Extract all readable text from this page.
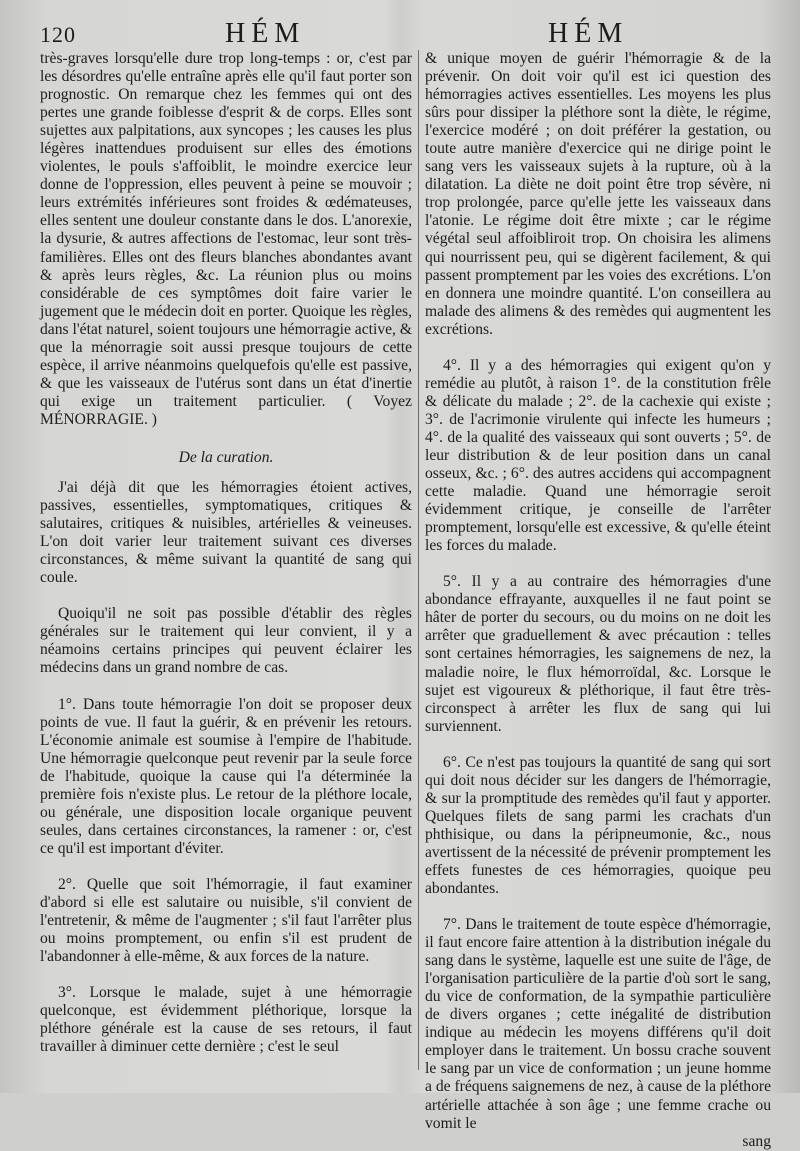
120	HÉM	HÉM

très-graves lorsqu'elle dure trop long-temps : or, c'est par les désordres qu'elle entraîne après elle qu'il faut porter son prognostic. On remarque chez les femmes qui ont des pertes une grande foiblesse d'esprit & de corps. Elles sont sujettes aux palpitations, aux syncopes ; les causes les plus légères inattendues produisent sur elles des émotions violentes, le pouls s'affoiblit, le moindre exercice leur donne de l'oppression, elles peuvent à peine se mouvoir ; leurs extrémités inférieures sont froides & œdémateuses, elles sentent une douleur constante dans le dos. L'anorexie, la dysurie, & autres affections de l'estomac, leur sont très-familières. Elles ont des fleurs blanches abondantes avant & après leurs règles, &c. La réunion plus ou moins considérable de ces symptômes doit faire varier le jugement que le médecin doit en porter. Quoique les règles, dans l'état naturel, soient toujours une hémorragie active, & que la ménorragie soit aussi presque toujours de cette espèce, il arrive néanmoins quelquefois qu'elle est passive, & que les vaisseaux de l'utérus sont dans un état d'inertie qui exige un traitement particulier. ( Voyez MÉNORRAGIE. )

De la curation.

J'ai déjà dit que les hémorragies étoient actives, passives, essentielles, symptomatiques, critiques & salutaires, critiques & nuisibles, artérielles & veineuses. L'on doit varier leur traitement suivant ces diverses circonstances, & même suivant la quantité de sang qui coule.

Quoiqu'il ne soit pas possible d'établir des règles générales sur le traitement qui leur convient, il y a néamoins certains principes qui peuvent éclairer les médecins dans un grand nombre de cas.

1°. Dans toute hémorragie l'on doit se proposer deux points de vue. Il faut la guérir, & en prévenir les retours. L'économie animale est soumise à l'empire de l'habitude. Une hémorragie quelconque peut revenir par la seule force de l'habitude, quoique la cause qui l'a déterminée la première fois n'existe plus. Le retour de la pléthore locale, ou générale, une disposition locale organique peuvent seules, dans certaines circonstances, la ramener : or, c'est ce qu'il est important d'éviter.

2°. Quelle que soit l'hémorragie, il faut examiner d'abord si elle est salutaire ou nuisible, s'il convient de l'entretenir, & même de l'augmenter ; s'il faut l'arrêter plus ou moins promptement, ou enfin s'il est prudent de l'abandonner à elle-même, & aux forces de la nature.

3°. Lorsque le malade, sujet à une hémorragie quelconque, est évidemment pléthorique, lorsque la pléthore générale est la cause de ses retours, il faut travailler à diminuer cette dernière ; c'est le seul

& unique moyen de guérir l'hémorragie & de la prévenir. On doit voir qu'il est ici question des hémorragies actives essentielles. Les moyens les plus sûrs pour dissiper la pléthore sont la diète, le régime, l'exercice modéré ; on doit préférer la gestation, ou toute autre manière d'exercice qui ne dirige point le sang vers les vaisseaux sujets à la rupture, où à la dilatation. La diète ne doit point être trop sévère, ni trop prolongée, parce qu'elle jette les vaisseaux dans l'atonie. Le régime doit être mixte ; car le régime végétal seul affoibliroit trop. On choisira les alimens qui nourrissent peu, qui se digèrent facilement, & qui passent promptement par les voies des excrétions. L'on en donnera une moindre quantité. L'on conseillera au malade des alimens & des remèdes qui augmentent les excrétions.

4°. Il y a des hémorragies qui exigent qu'on y remédie au plutôt, à raison 1°. de la constitution frêle & délicate du malade ; 2°. de la cachexie qui existe ; 3°. de l'acrimonie virulente qui infecte les humeurs ; 4°. de la qualité des vaisseaux qui sont ouverts ; 5°. de leur distribution & de leur position dans un canal osseux, &c. ; 6°. des autres accidens qui accompagnent cette maladie. Quand une hémorragie seroit évidemment critique, je conseille de l'arrêter promptement, lorsqu'elle est excessive, & qu'elle éteint les forces du malade.

5°. Il y a au contraire des hémorragies d'une abondance effrayante, auxquelles il ne faut point se hâter de porter du secours, ou du moins on ne doit les arrêter que graduellement & avec précaution : telles sont certaines hémorragies, les saignemens de nez, la maladie noire, le flux hémorroïdal, &c. Lorsque le sujet est vigoureux & pléthorique, il faut être très-circonspect à arrêter les flux de sang qui lui surviennent.

6°. Ce n'est pas toujours la quantité de sang qui sort qui doit nous décider sur les dangers de l'hémorragie, & sur la promptitude des remèdes qu'il faut y apporter. Quelques filets de sang parmi les crachats d'un phthisique, ou dans la péripneumonie, &c., nous avertissent de la nécessité de prévenir promptement les effets funestes de ces hémorragies, quoique peu abondantes.

7°. Dans le traitement de toute espèce d'hémorragie, il faut encore faire attention à la distribution inégale du sang dans le système, laquelle est une suite de l'âge, de l'organisation particulière de la partie d'où sort le sang, du vice de conformation, de la sympathie particulière de divers organes ; cette inégalité de distribution indique au médecin les moyens différens qu'il doit employer dans le traitement. Un bossu crache souvent le sang par un vice de conformation ; un jeune homme a de fréquens saignemens de nez, à cause de la pléthore artérielle attachée à son âge ; une femme crache ou vomit le

sang
